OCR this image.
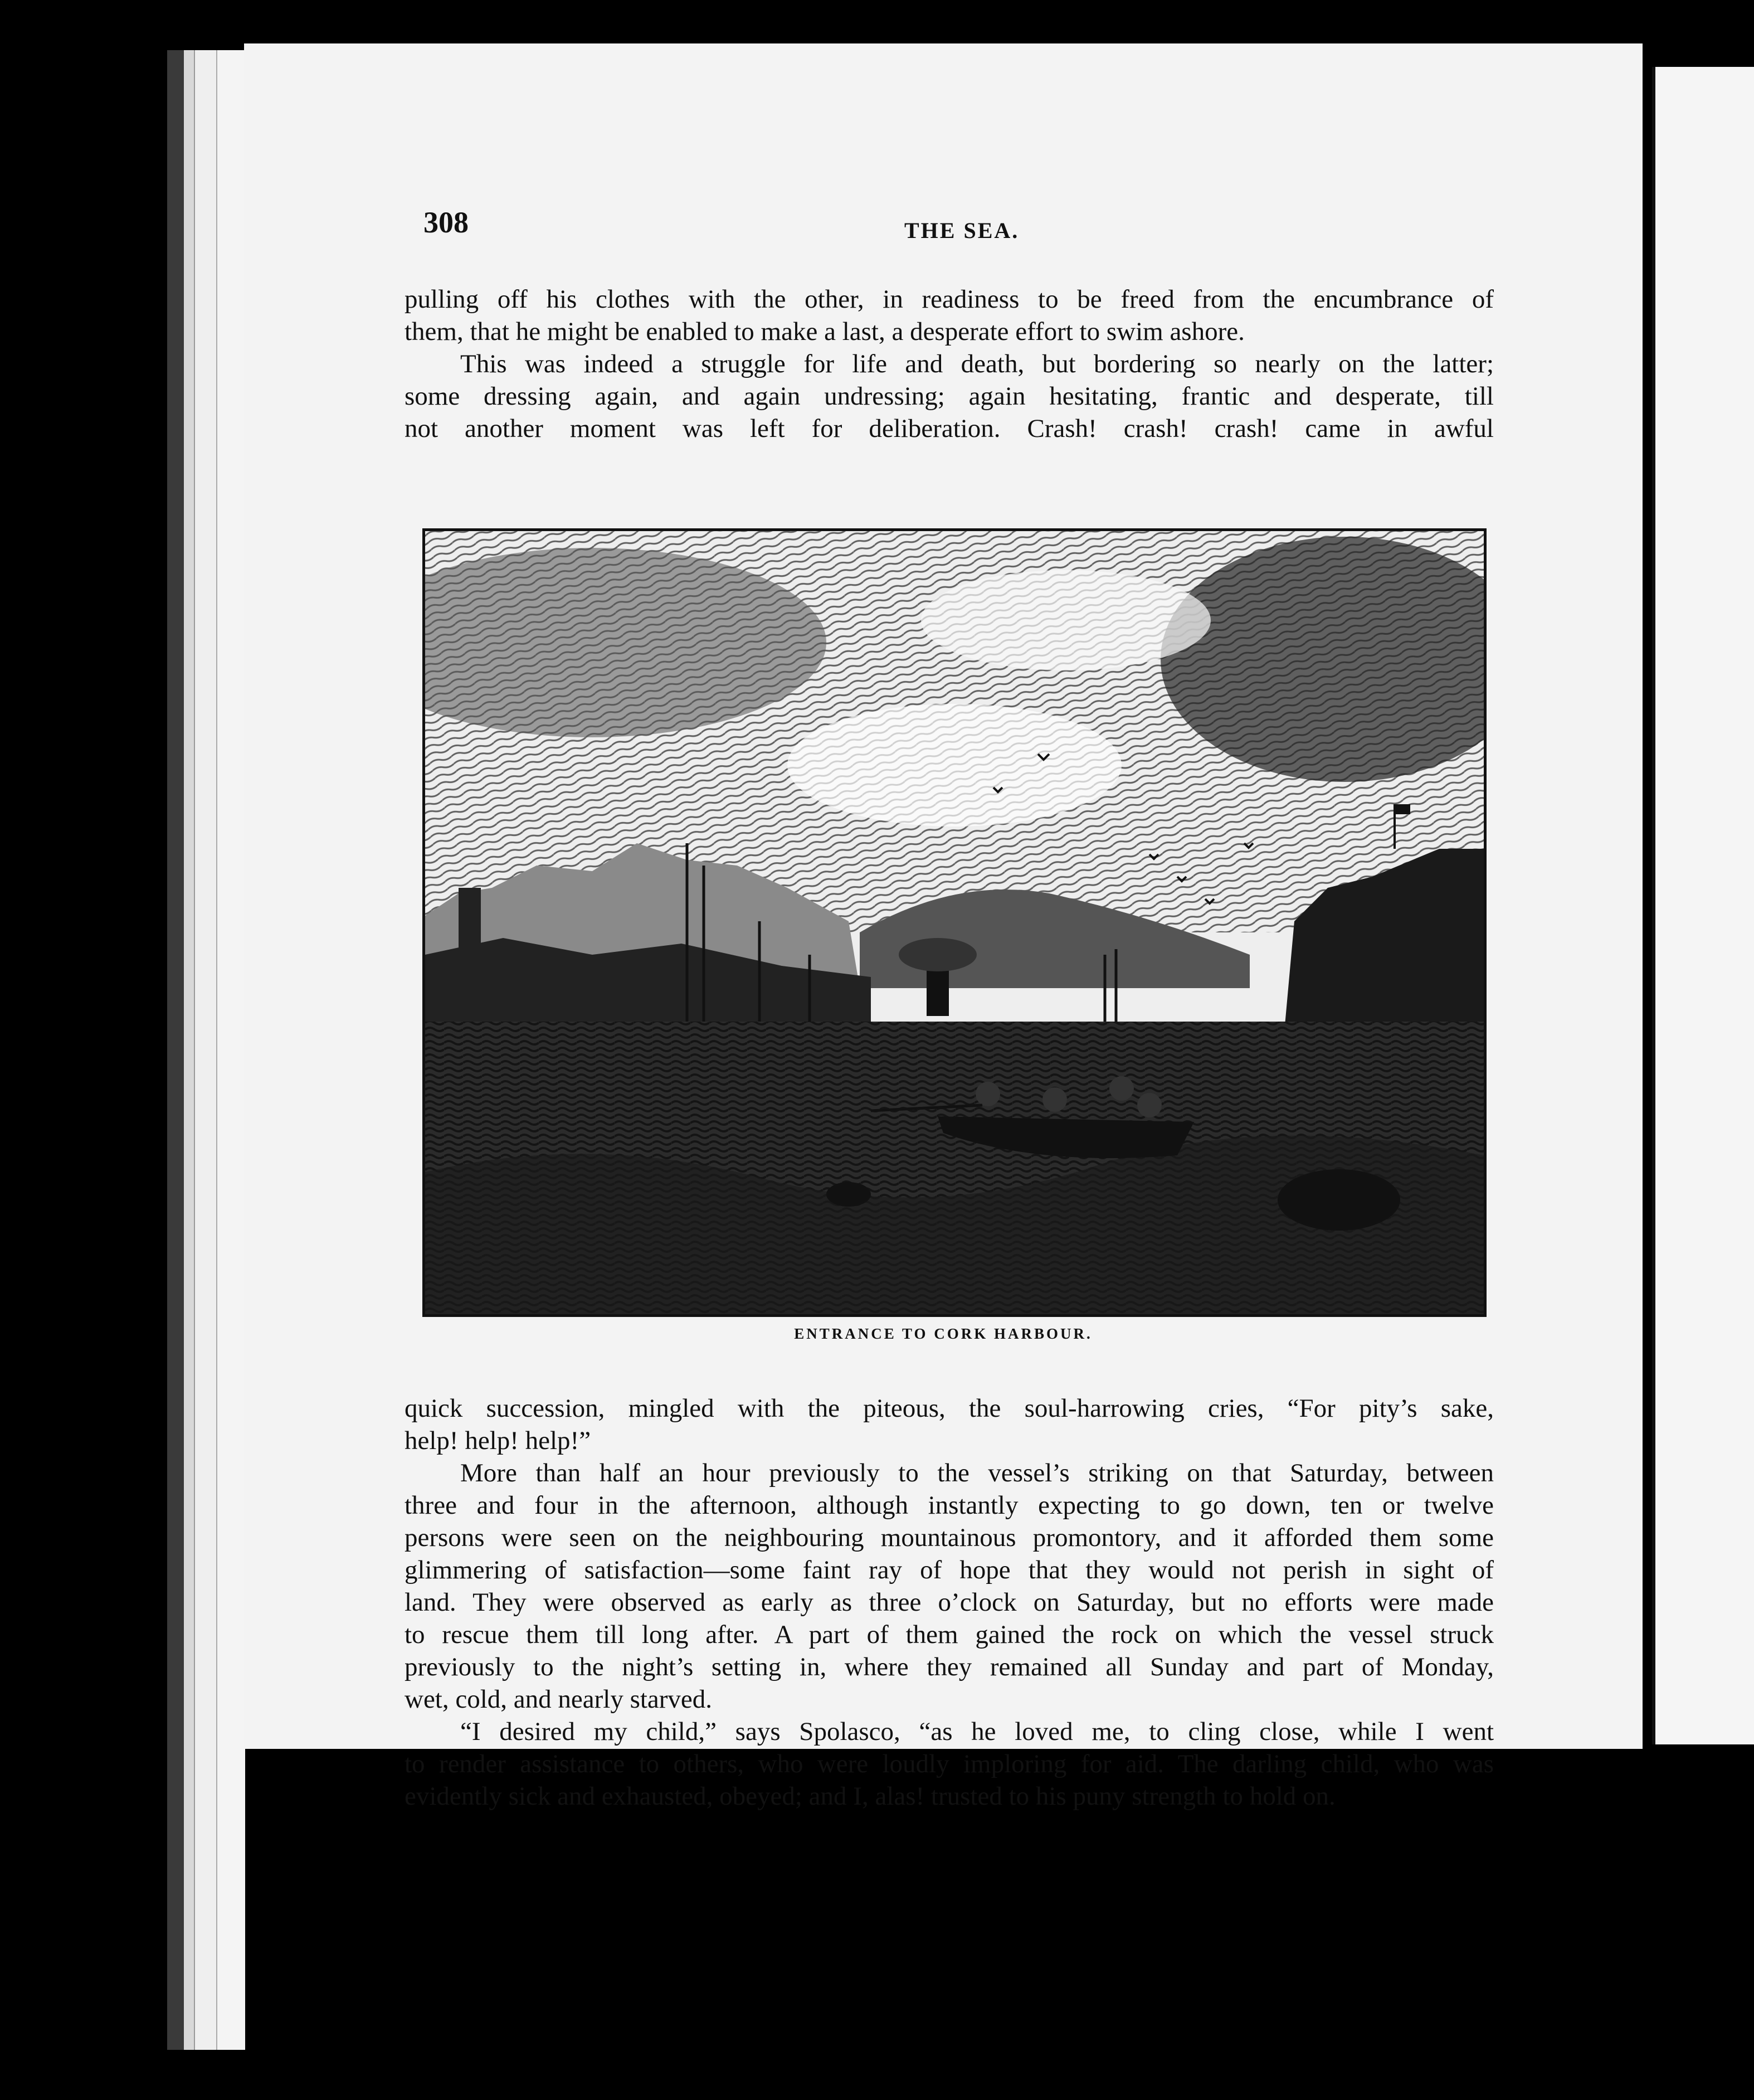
308	THE SEA.
pulling off his clothes with the other, in readiness to be freed from the encumbrance of
them, that he might be enabled to make a last, a desperate effort to swim ashore.
This was indeed a struggle for life and death, but bordering so nearly on the latter;
some dressing again, and again undressing; again hesitating, frantic and desperate, till
not another moment was left for deliberation. Crash! crash! crash! came in awful
ENTRANCE TO CORK HARBOUR.
quick succession, mingled with the piteous, the soul-harrowing cries, “For pity’s sake,
help! help! help!”
More than half an hour previously to the vessel’s striking on that Saturday, between
three and four in the afternoon, although instantly expecting to go down, ten or twelve
persons were seen on the neighbouring mountainous promontory, and it afforded them some
glimmering of satisfaction—some faint ray of hope that they would not perish in sight of
land. They were observed as early as three o’clock on Saturday, but no efforts were made
to rescue them till long after. A part of them gained the rock on which the vessel struck
previously to the night’s setting in, where they remained all Sunday and part of Monday,
wet, cold, and nearly starved.
“I desired my child,” says Spolasco, “as he loved me, to cling close, while I went
to render assistance to others, who were loudly imploring for aid. The darling child, who was
evidently sick and exhausted, obeyed; and I, alas! trusted to his puny strength to hold on.
